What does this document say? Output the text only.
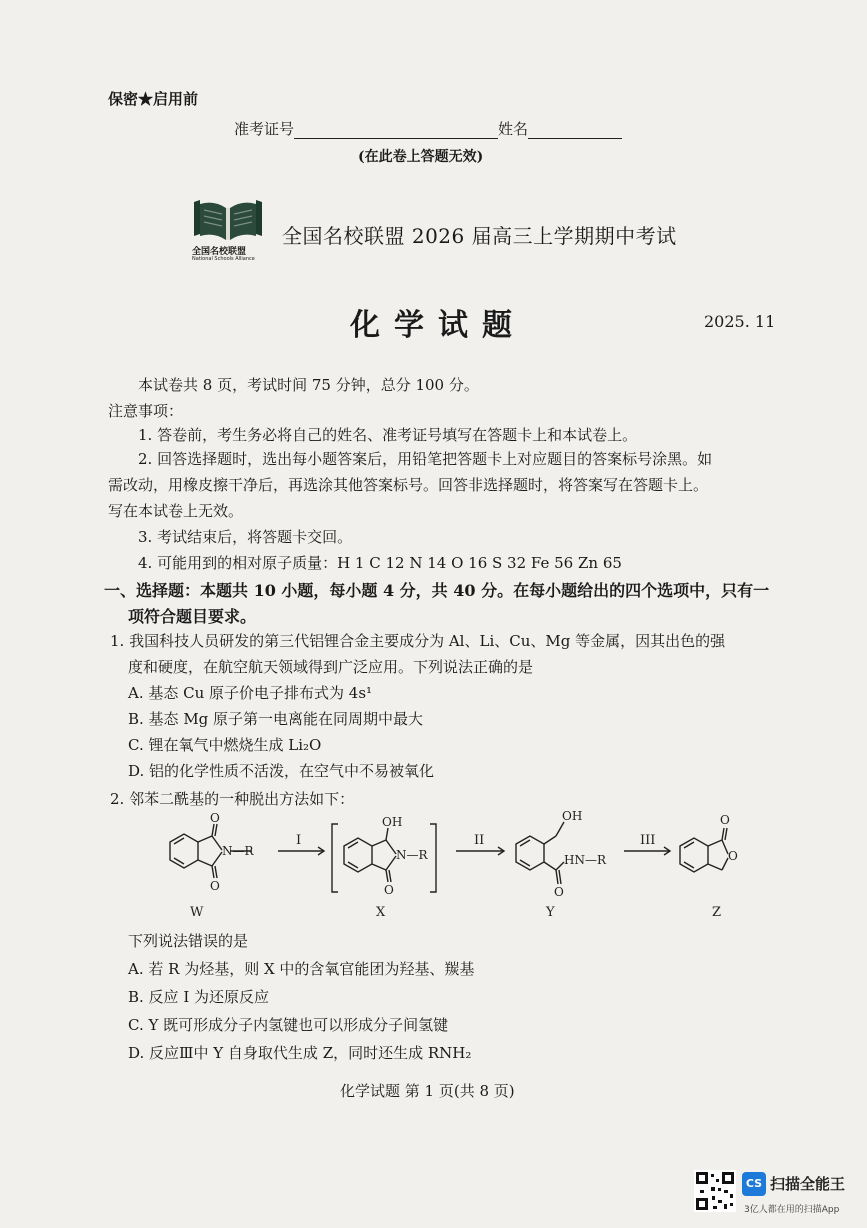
保密★启用前
准考证号	姓名
(在此卷上答题无效)
全国名校联盟
National Schools Alliance
全国名校联盟 2026 届高三上学期期中考试
化学试题	2025. 11
本试卷共 8 页，考试时间 75 分钟，总分 100 分。
注意事项：
1. 答卷前，考生务必将自己的姓名、准考证号填写在答题卡上和本试卷上。
2. 回答选择题时，选出每小题答案后，用铅笔把答题卡上对应题目的答案标号涂黑。如
需改动，用橡皮擦干净后，再选涂其他答案标号。回答非选择题时，将答案写在答题卡上。
写在本试卷上无效。
3. 考试结束后，将答题卡交回。
4. 可能用到的相对原子质量：H 1 C 12 N 14 O 16 S 32 Fe 56 Zn 65
一、选择题：本题共 10 小题，每小题 4 分，共 40 分。在每小题给出的四个选项中，只有一
项符合题目要求。
1. 我国科技人员研发的第三代铝锂合金主要成分为 Al、Li、Cu、Mg 等金属，因其出色的强
度和硬度，在航空航天领域得到广泛应用。下列说法正确的是
A. 基态 Cu 原子价电子排布式为 4s¹
B. 基态 Mg 原子第一电离能在同周期中最大
C. 锂在氧气中燃烧生成 Li₂O
D. 铝的化学性质不活泼，在空气中不易被氧化
2. 邻苯二酰基的一种脱出方法如下：
O
O
N—R
I
OH
N—R
O
II
OH
HN—R
O
III
O
O
W	X	Y	Z
下列说法错误的是
A. 若 R 为烃基，则 X 中的含氧官能团为羟基、羰基
B. 反应 I 为还原反应
C. Y 既可形成分子内氢键也可以形成分子间氢键
D. 反应Ⅲ中 Y 自身取代生成 Z，同时还生成 RNH₂
化学试题 第 1 页(共 8 页)
CS 扫描全能王
3亿人都在用的扫描App
